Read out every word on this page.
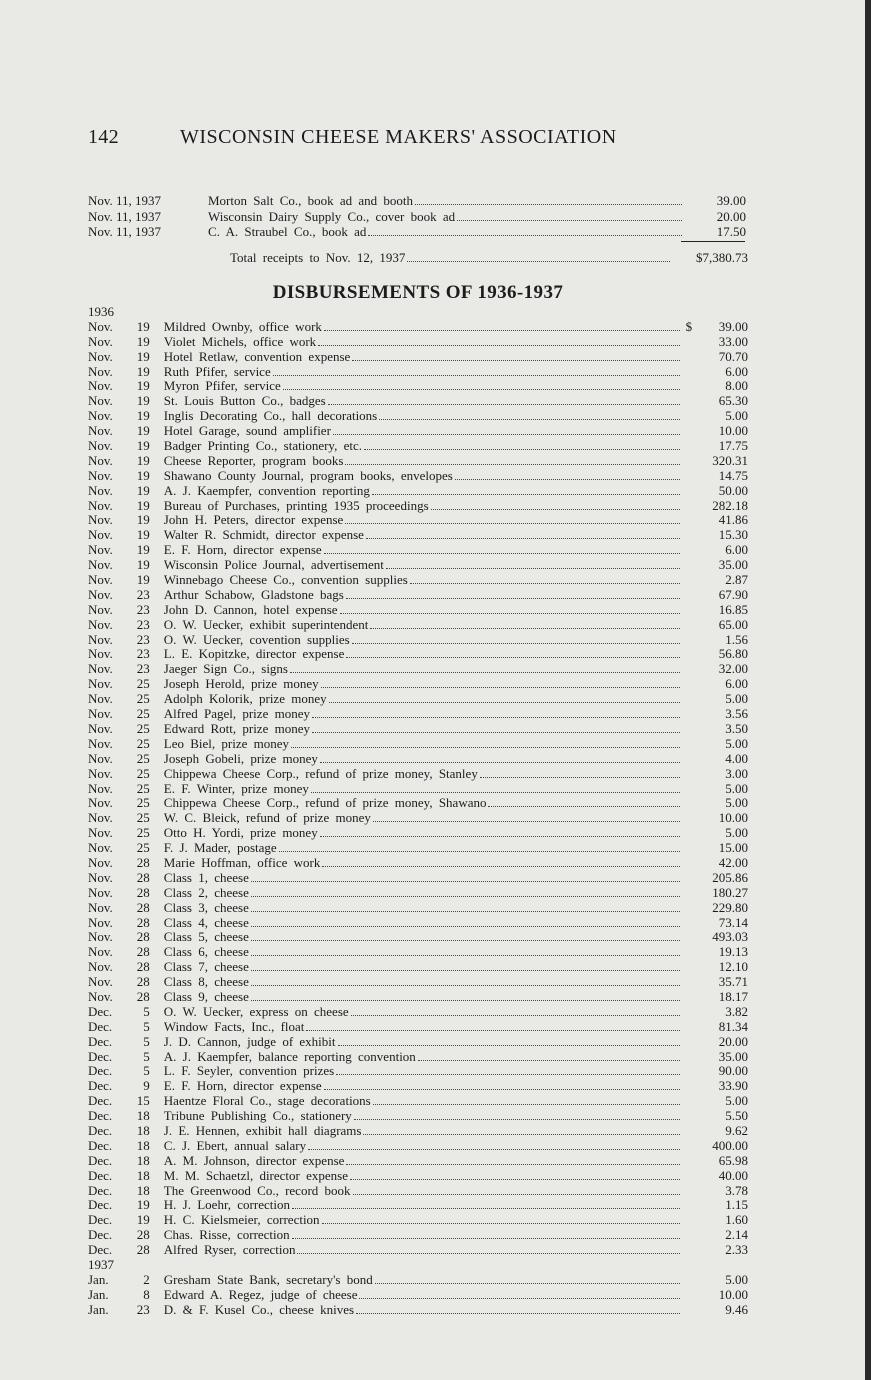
142	WISCONSIN CHEESE MAKERS' ASSOCIATION
Nov. 11, 1937	Morton Salt Co., book ad and booth	39.00
Nov. 11, 1937	Wisconsin Dairy Supply Co., cover book ad	20.00
Nov. 11, 1937	C. A. Straubel Co., book ad	17.50
Total receipts to Nov. 12, 1937	$7,380.73
DISBURSEMENTS OF 1936-1937
1936
Nov.	19 Mildred Ownby, office work	$	39.00
Nov.	19 Violet Michels, office work	33.00
Nov.	19 Hotel Retlaw, convention expense	70.70
Nov.	19 Ruth Pfifer, service	6.00
Nov.	19 Myron Pfifer, service	8.00
Nov.	19 St. Louis Button Co., badges	65.30
Nov.	19 Inglis Decorating Co., hall decorations	5.00
Nov.	19 Hotel Garage, sound amplifier	10.00
Nov.	19 Badger Printing Co., stationery, etc.	17.75
Nov.	19 Cheese Reporter, program books	320.31
Nov.	19 Shawano County Journal, program books, envelopes	14.75
Nov.	19 A. J. Kaempfer, convention reporting	50.00
Nov.	19 Bureau of Purchases, printing 1935 proceedings	282.18
Nov.	19 John H. Peters, director expense	41.86
Nov.	19 Walter R. Schmidt, director expense	15.30
Nov.	19 E. F. Horn, director expense	6.00
Nov.	19 Wisconsin Police Journal, advertisement	35.00
Nov.	19 Winnebago Cheese Co., convention supplies	2.87
Nov.	23 Arthur Schabow, Gladstone bags	67.90
Nov.	23 John D. Cannon, hotel expense	16.85
Nov.	23 O. W. Uecker, exhibit superintendent	65.00
Nov.	23 O. W. Uecker, covention supplies	1.56
Nov.	23 L. E. Kopitzke, director expense	56.80
Nov.	23 Jaeger Sign Co., signs	32.00
Nov.	25 Joseph Herold, prize money	6.00
Nov.	25 Adolph Kolorik, prize money	5.00
Nov.	25 Alfred Pagel, prize money	3.56
Nov.	25 Edward Rott, prize money	3.50
Nov.	25 Leo Biel, prize money	5.00
Nov.	25 Joseph Gobeli, prize money	4.00
Nov.	25 Chippewa Cheese Corp., refund of prize money, Stanley	3.00
Nov.	25 E. F. Winter, prize money	5.00
Nov.	25 Chippewa Cheese Corp., refund of prize money, Shawano	5.00
Nov.	25 W. C. Bleick, refund of prize money	10.00
Nov.	25 Otto H. Yordi, prize money	5.00
Nov.	25 F. J. Mader, postage	15.00
Nov.	28 Marie Hoffman, office work	42.00
Nov.	28 Class 1, cheese	205.86
Nov.	28 Class 2, cheese	180.27
Nov.	28 Class 3, cheese	229.80
Nov.	28 Class 4, cheese	73.14
Nov.	28 Class 5, cheese	493.03
Nov.	28 Class 6, cheese	19.13
Nov.	28 Class 7, cheese	12.10
Nov.	28 Class 8, cheese	35.71
Nov.	28 Class 9, cheese	18.17
Dec.	5 O. W. Uecker, express on cheese	3.82
Dec.	5 Window Facts, Inc., float	81.34
Dec.	5 J. D. Cannon, judge of exhibit	20.00
Dec.	5 A. J. Kaempfer, balance reporting convention	35.00
Dec.	5 L. F. Seyler, convention prizes	90.00
Dec.	9 E. F. Horn, director expense	33.90
Dec.	15 Haentze Floral Co., stage decorations	5.00
Dec.	18 Tribune Publishing Co., stationery	5.50
Dec.	18 J. E. Hennen, exhibit hall diagrams	9.62
Dec.	18 C. J. Ebert, annual salary	400.00
Dec.	18 A. M. Johnson, director expense	65.98
Dec.	18 M. M. Schaetzl, director expense	40.00
Dec.	18 The Greenwood Co., record book	3.78
Dec.	19 H. J. Loehr, correction	1.15
Dec.	19 H. C. Kielsmeier, correction	1.60
Dec.	28 Chas. Risse, correction	2.14
Dec.	28 Alfred Ryser, correction	2.33
1937
Jan.	2 Gresham State Bank, secretary's bond	5.00
Jan.	8 Edward A. Regez, judge of cheese	10.00
Jan.	23 D. & F. Kusel Co., cheese knives	9.46
